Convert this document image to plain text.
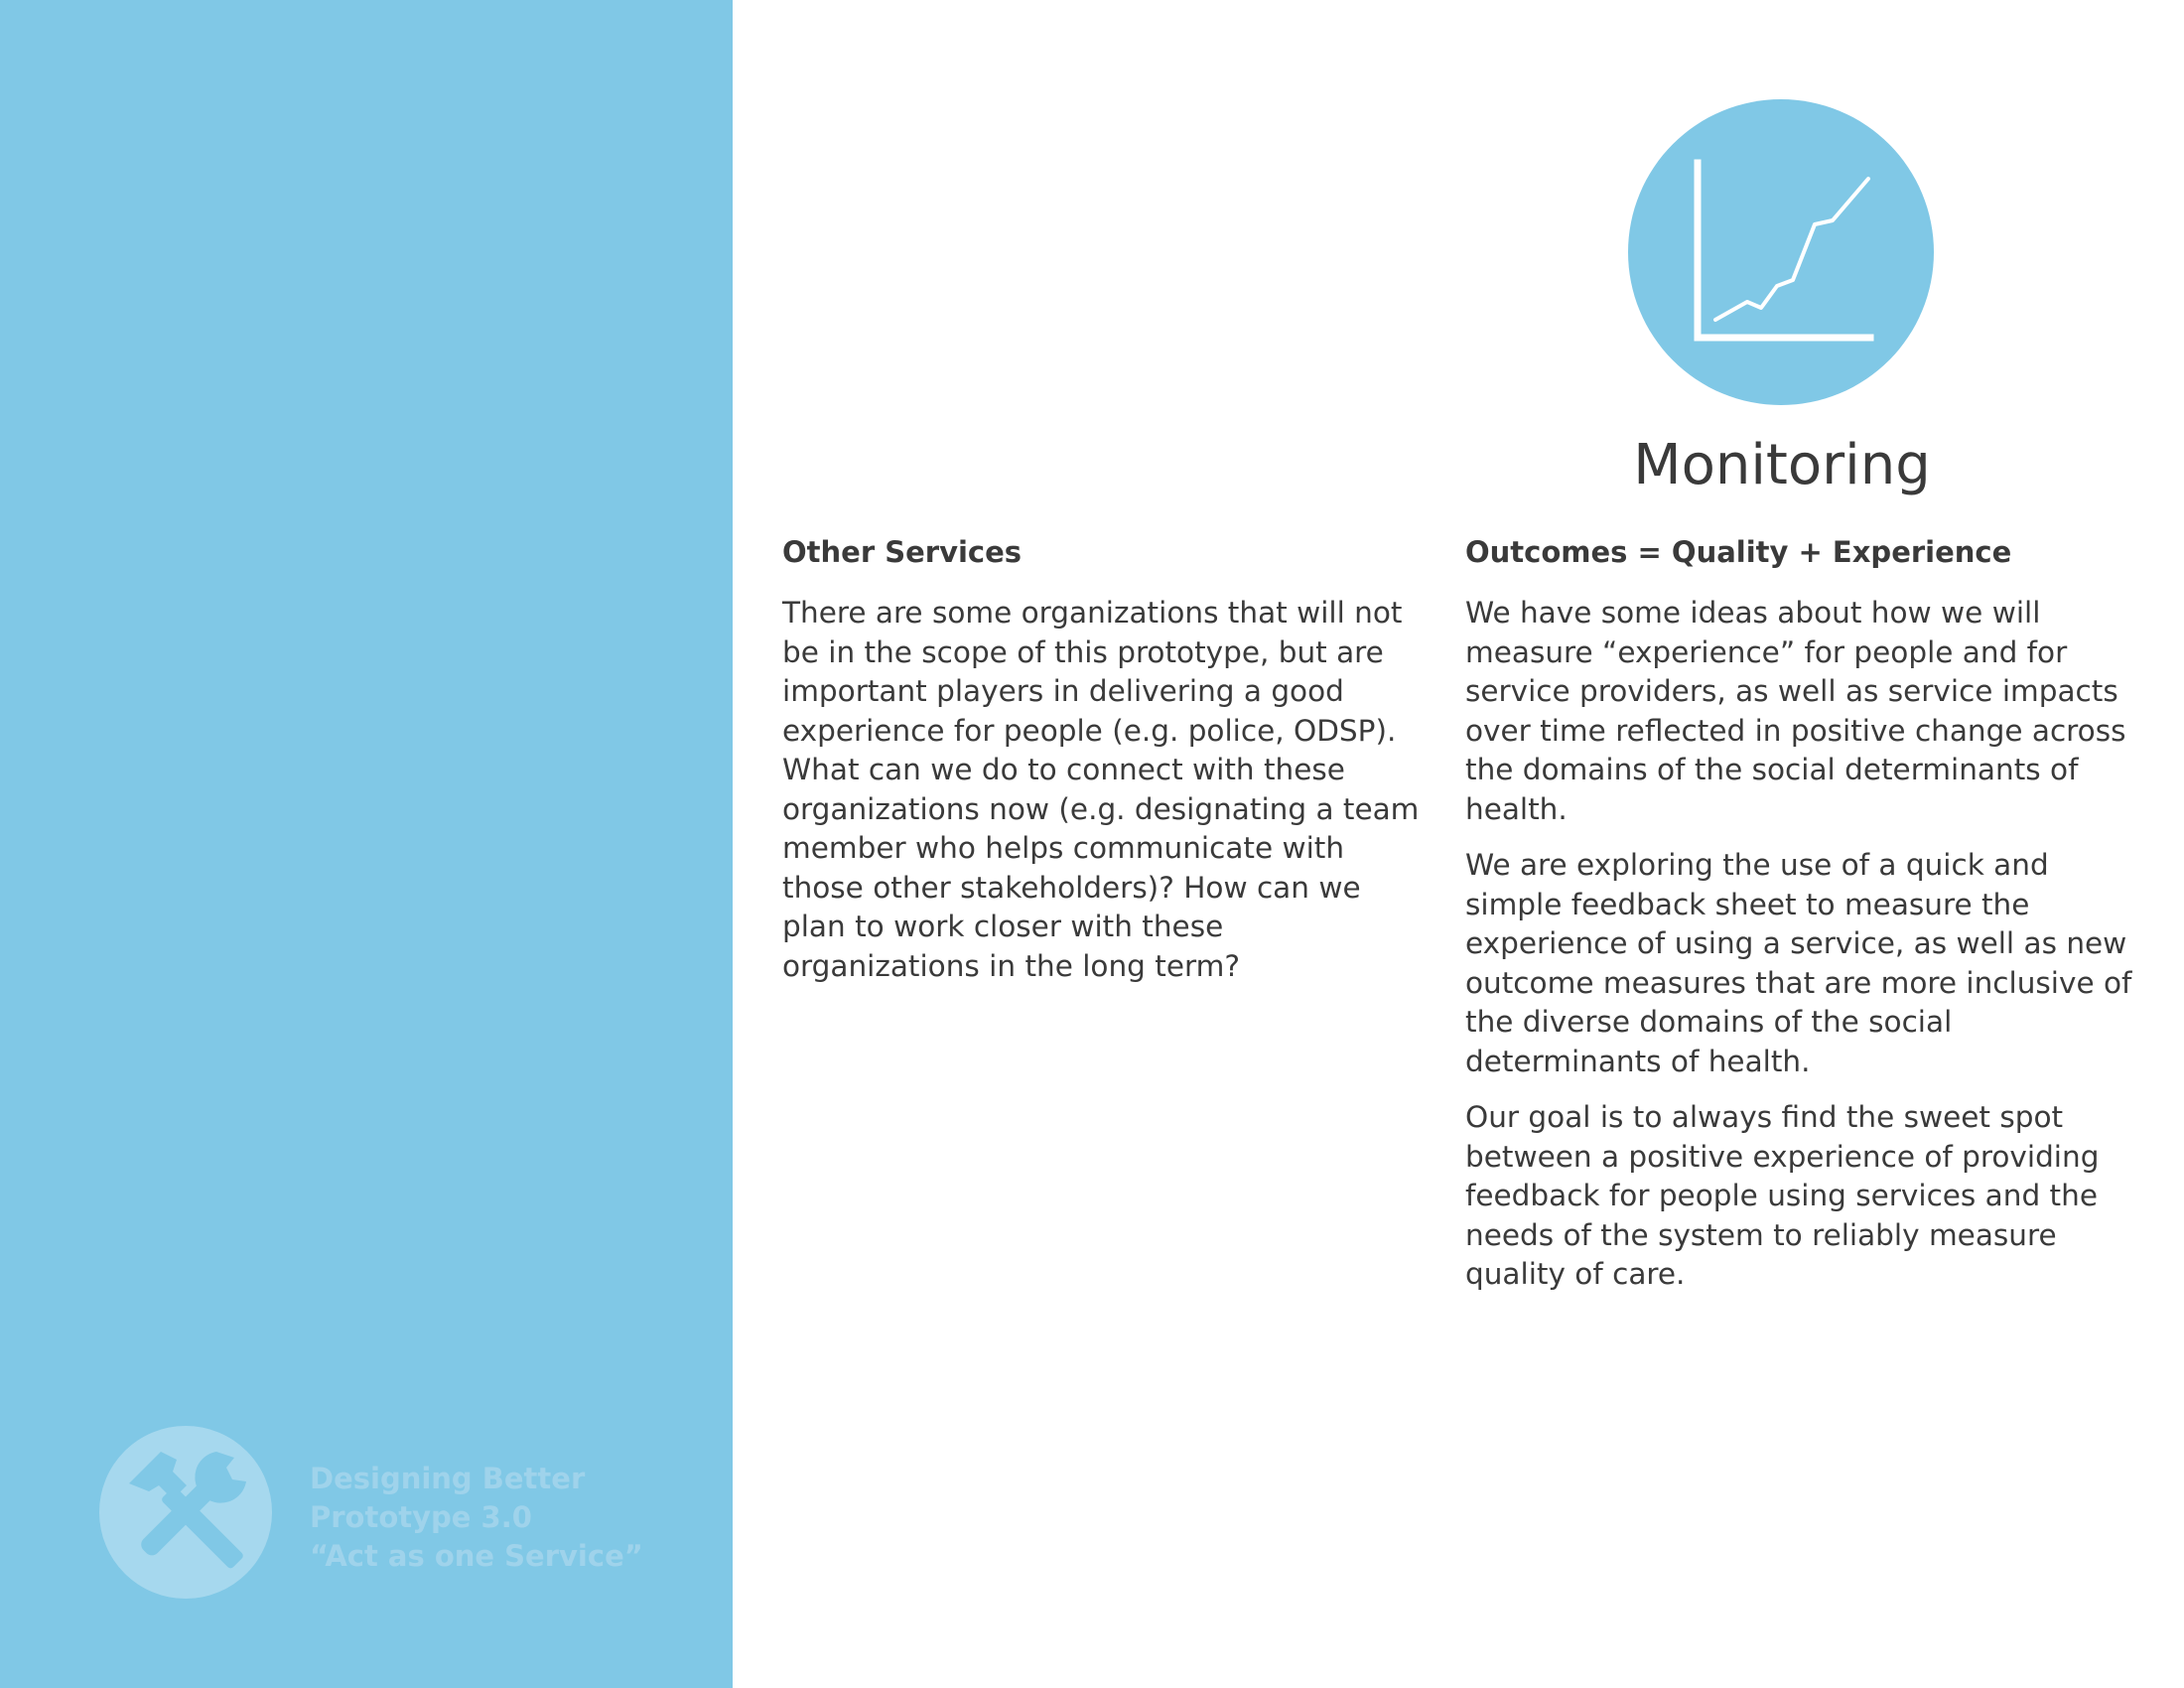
Designing Better
Prototype 3.0
“Act as one Service”
Monitoring
Other Services

There are some organizations that will not be in the scope of this prototype, but are important players in delivering a good experience for people (e.g. police, ODSP). What can we do to connect with these organizations now (e.g. designating a team member who helps communicate with those other stakeholders)? How can we plan to work closer with these organizations in the long term?

Outcomes = Quality + Experience

We have some ideas about how we will measure “experience” for people and for service providers, as well as service impacts over time reflected in positive change across the domains of the social determinants of health.

We are exploring the use of a quick and simple feedback sheet to measure the experience of using a service, as well as new outcome measures that are more inclusive of the diverse domains of the social determinants of health.

Our goal is to always find the sweet spot between a positive experience of providing feedback for people using services and the needs of the system to reliably measure quality of care.
